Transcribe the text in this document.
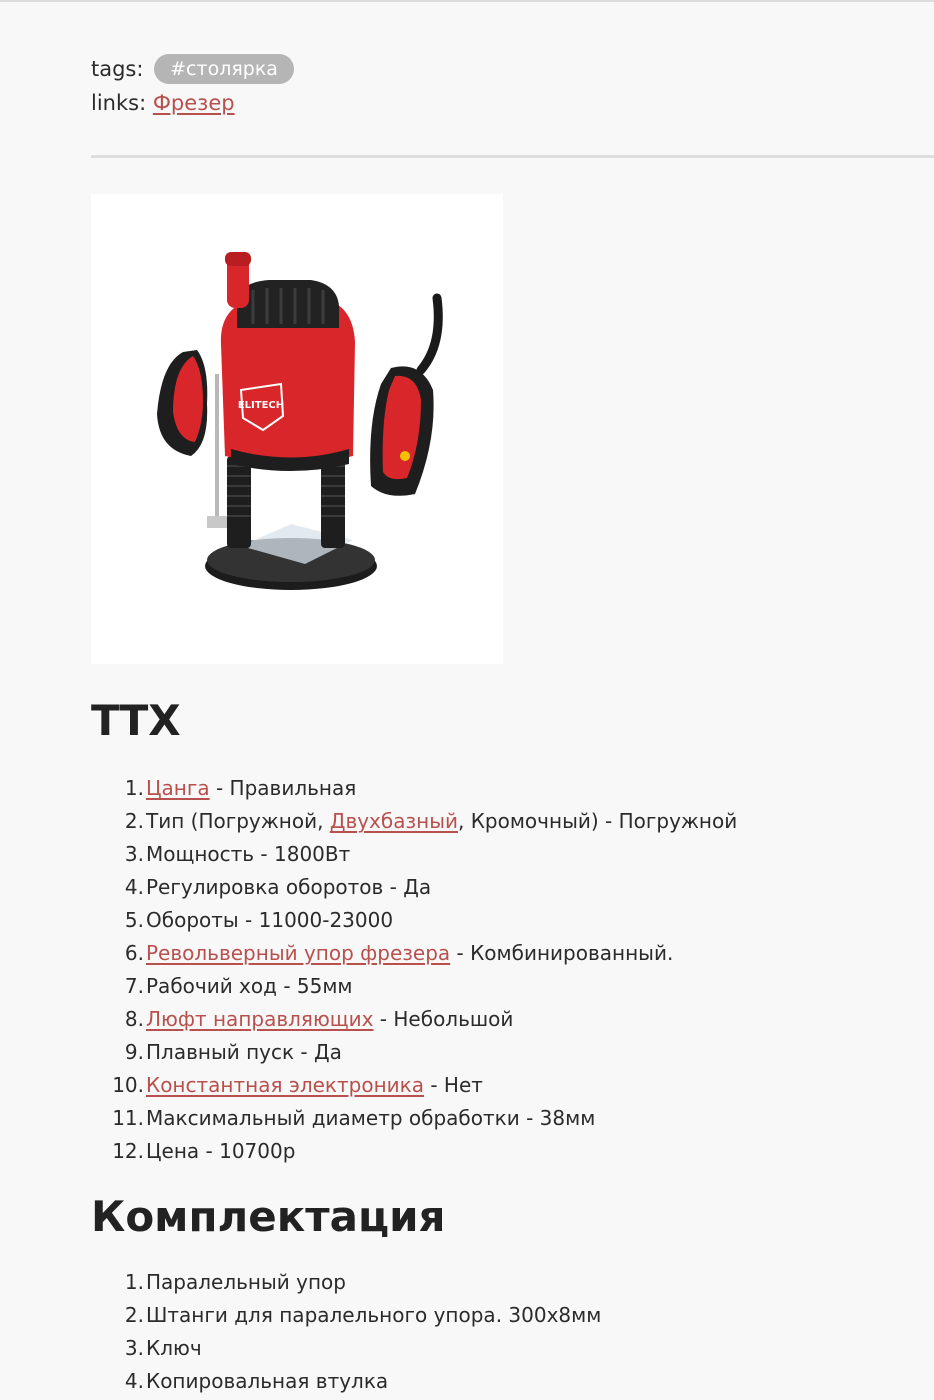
tags: #столярка
links: Фрезер
ELITECH
ТТХ
1. Цанга - Правильная
2. Тип (Погружной, Двухбазный, Кромочный) - Погружной
3. Мощность - 1800Вт
4. Регулировка оборотов - Да
5. Обороты - 11000-23000
6. Револьверный упор фрезера - Комбинированный.
7. Рабочий ход - 55мм
8. Люфт направляющих - Небольшой
9. Плавный пуск - Да
10. Константная электроника - Нет
11. Максимальный диаметр обработки - 38мм
12. Цена - 10700р
Комплектация
1. Паралельный упор
2. Штанги для паралельного упора. 300х8мм
3. Ключ
4. Копировальная втулка
